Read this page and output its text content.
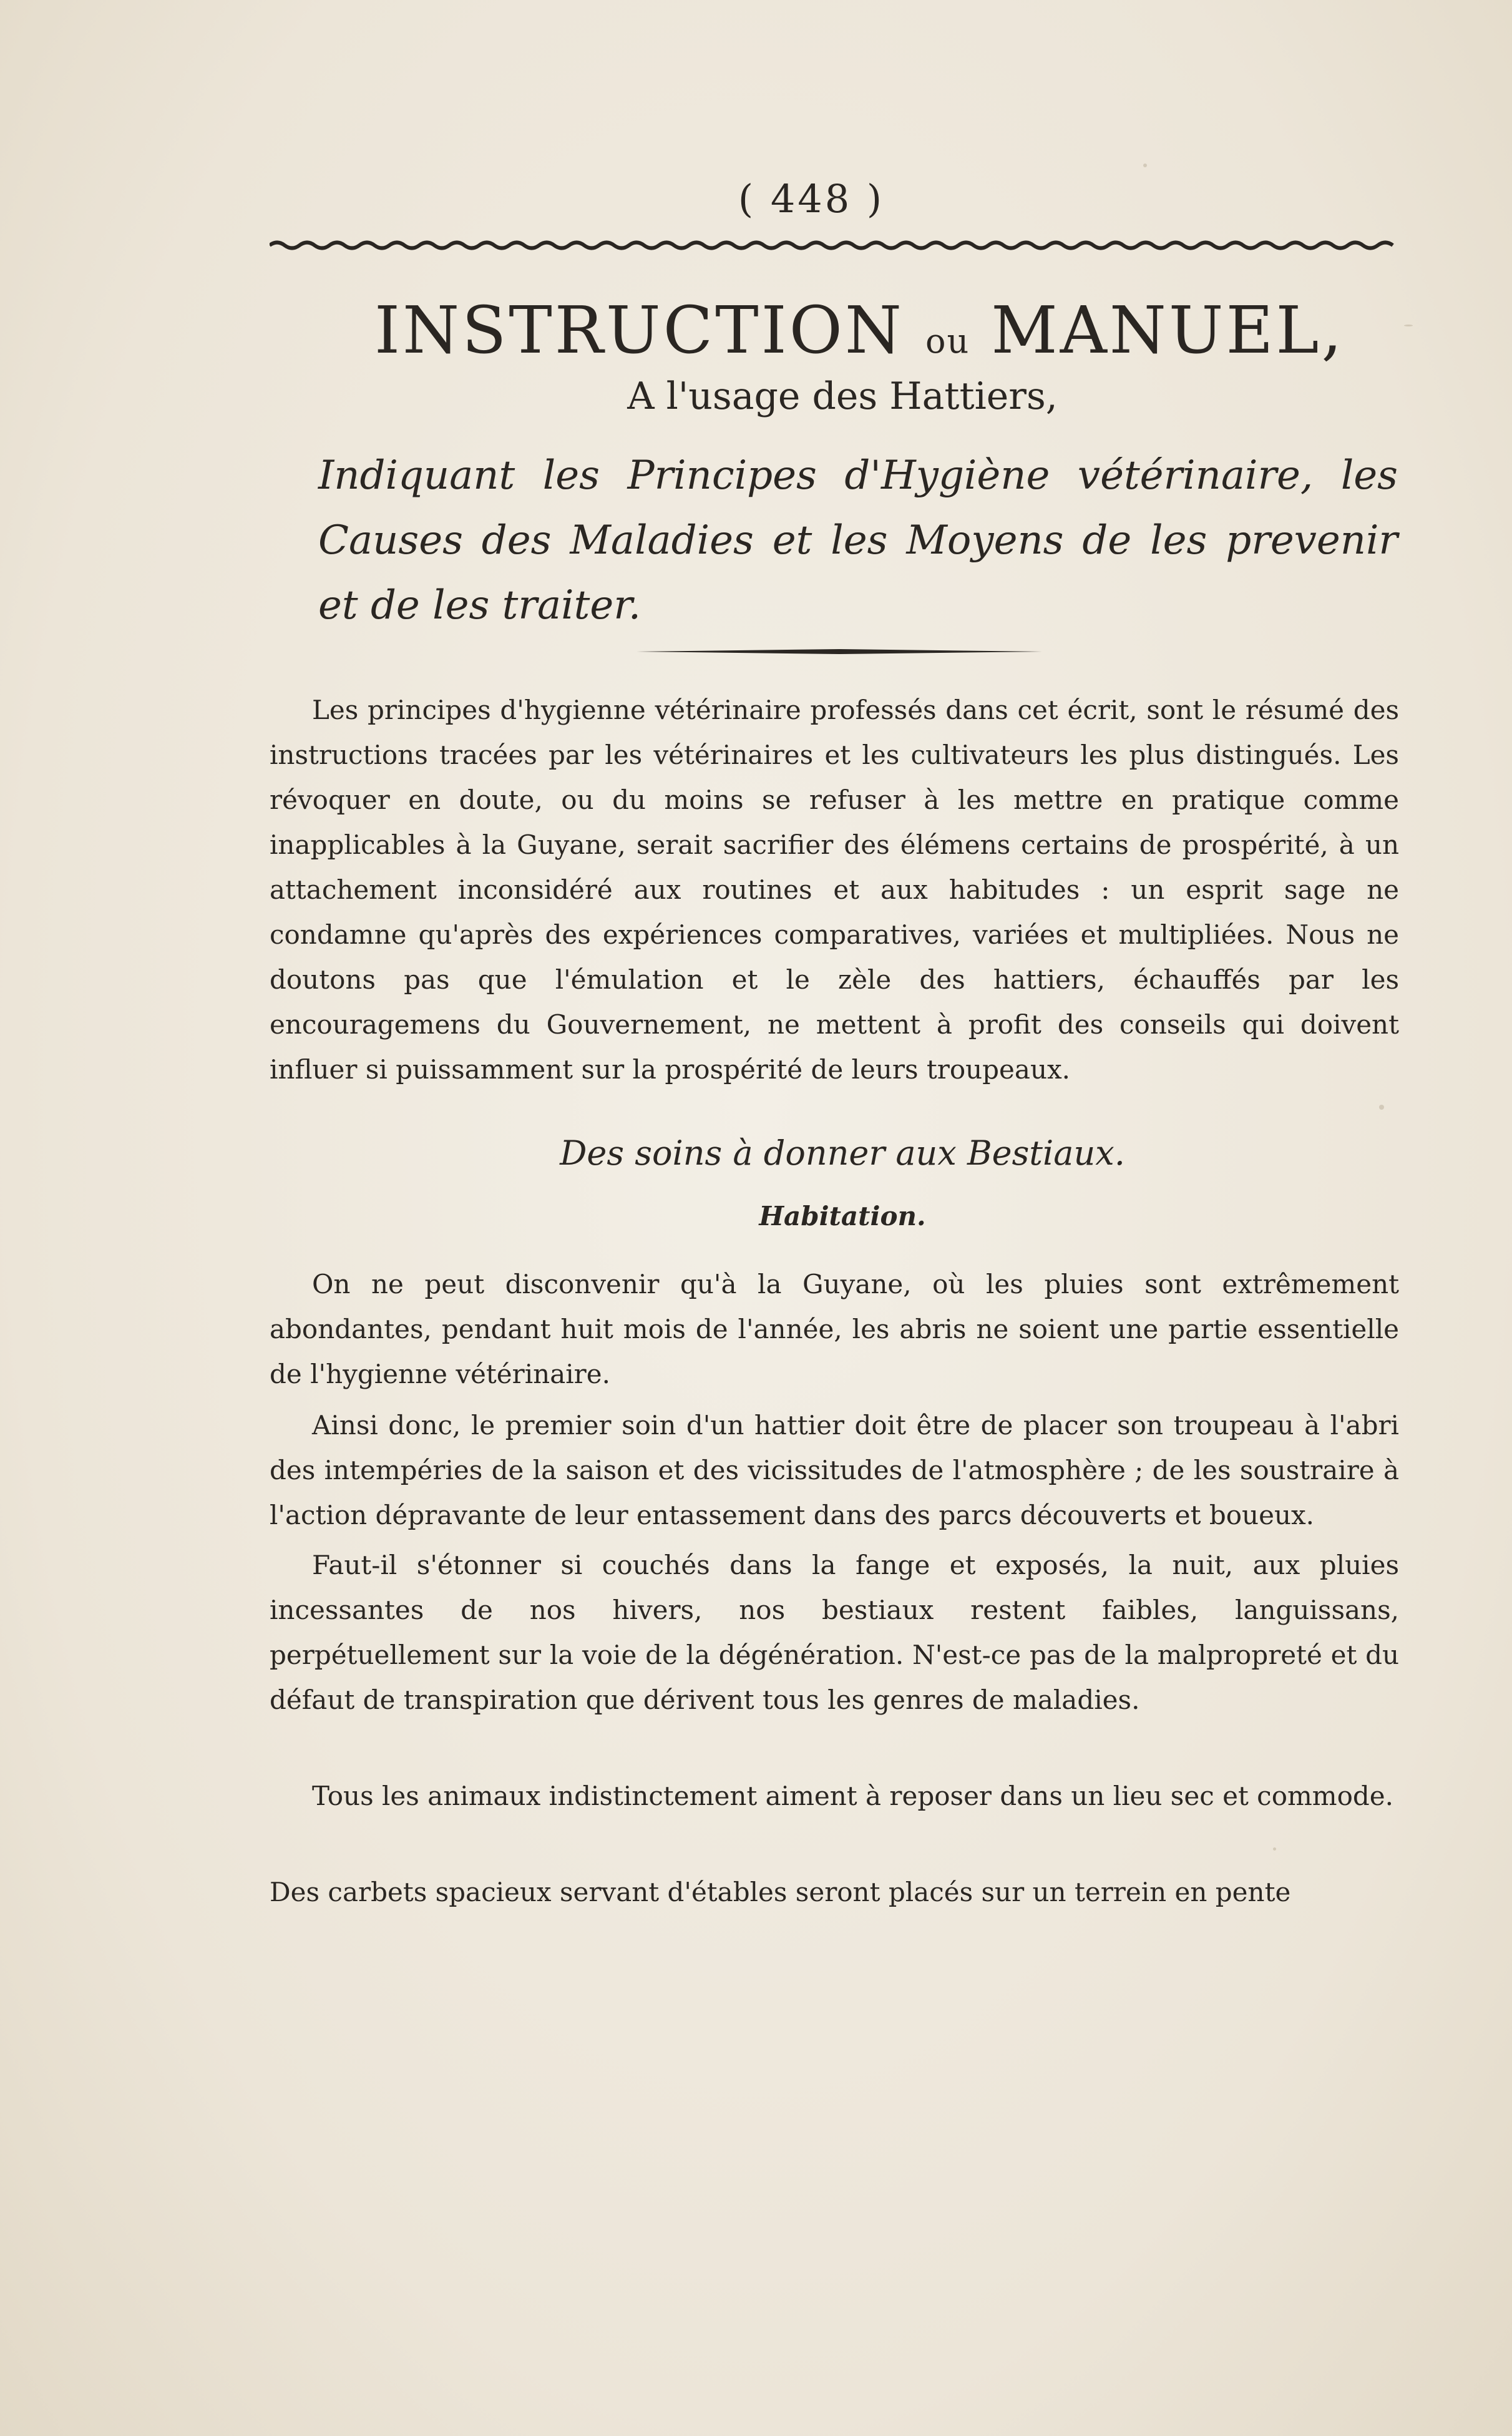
( 448 )
INSTRUCTION ou MANUEL,
A l'usage des Hattiers,
Indiquant les Principes d'Hygiène vétérinaire, les Causes des Maladies et les Moyens de les prevenir et de les traiter.
Les principes d'hygienne vétérinaire professés dans cet écrit, sont le résumé des instructions tracées par les vétérinaires et les cultivateurs les plus distingués. Les révoquer en doute, ou du moins se refuser à les mettre en pratique comme inapplicables à la Guyane, serait sacrifier des élémens certains de prospérité, à un attachement inconsidéré aux routines et aux habitudes : un esprit sage ne condamne qu'après des expériences comparatives, variées et multipliées. Nous ne doutons pas que l'émulation et le zèle des hattiers, échauffés par les encouragemens du Gouvernement, ne mettent à profit des conseils qui doivent influer si puissamment sur la prospérité de leurs troupeaux.
Des soins à donner aux Bestiaux.
Habitation.
On ne peut disconvenir qu'à la Guyane, où les pluies sont extrêmement abondantes, pendant huit mois de l'année, les abris ne soient une partie essentielle de l'hygienne vétérinaire.
Ainsi donc, le premier soin d'un hattier doit être de placer son troupeau à l'abri des intempéries de la saison et des vicissitudes de l'atmosphère ; de les soustraire à l'action dépravante de leur entassement dans des parcs découverts et boueux.
Faut-il s'étonner si couchés dans la fange et exposés, la nuit, aux pluies incessantes de nos hivers, nos bestiaux restent faibles, languissans, perpétuellement sur la voie de la dégénération. N'est-ce pas de la malpropreté et du défaut de transpiration que dérivent tous les genres de maladies.
Tous les animaux indistinctement aiment à reposer dans un lieu sec et commode.
Des carbets spacieux servant d'étables seront placés sur un terrein en pente
